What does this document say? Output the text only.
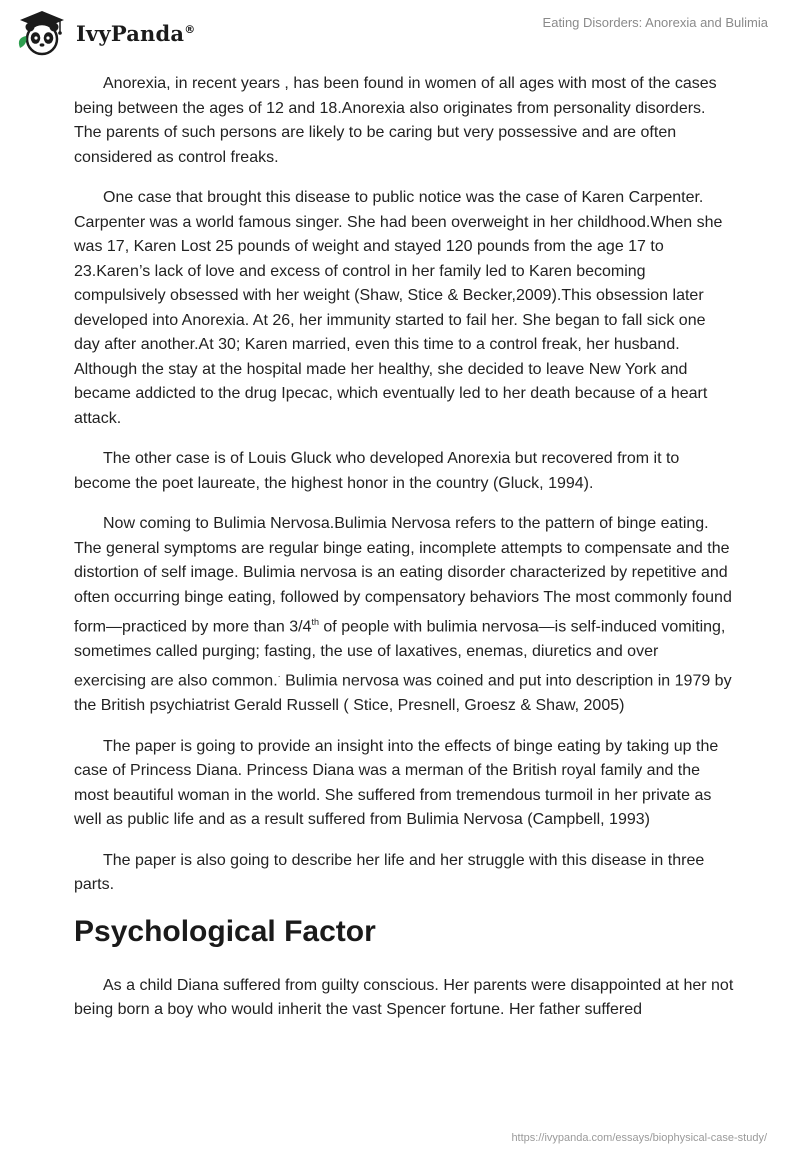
IvyPanda®	Eating Disorders: Anorexia and Bulimia

Anorexia, in recent years , has been found in women of all ages with most of the cases being between the ages of 12 and 18.Anorexia also originates from personality disorders. The parents of such persons are likely to be caring but very possessive and are often considered as control freaks.

One case that brought this disease to public notice was the case of Karen Carpenter. Carpenter was a world famous singer. She had been overweight in her childhood.When she was 17, Karen Lost 25 pounds of weight and stayed 120 pounds from the age 17 to 23.Karen’s lack of love and excess of control in her family led to Karen becoming compulsively obsessed with her weight (Shaw, Stice & Becker,2009).This obsession later developed into Anorexia. At 26, her immunity started to fail her. She began to fall sick one day after another.At 30; Karen married, even this time to a control freak, her husband. Although the stay at the hospital made her healthy, she decided to leave New York and became addicted to the drug Ipecac, which eventually led to her death because of a heart attack.

The other case is of Louis Gluck who developed Anorexia but recovered from it to become the poet laureate, the highest honor in the country (Gluck, 1994).

Now coming to Bulimia Nervosa.Bulimia Nervosa refers to the pattern of binge eating. The general symptoms are regular binge eating, incomplete attempts to compensate and the distortion of self image. Bulimia nervosa is an eating disorder characterized by repetitive and often occurring binge eating, followed by compensatory behaviors The most commonly found form—practiced by more than 3/4th of people with bulimia nervosa—is self-induced vomiting, sometimes called purging; fasting, the use of laxatives, enemas, diuretics and over exercising are also common.· Bulimia nervosa was coined and put into description in 1979 by the British psychiatrist Gerald Russell ( Stice, Presnell, Groesz & Shaw, 2005)

The paper is going to provide an insight into the effects of binge eating by taking up the case of Princess Diana. Princess Diana was a merman of the British royal family and the most beautiful woman in the world. She suffered from tremendous turmoil in her private as well as public life and as a result suffered from Bulimia Nervosa (Campbell, 1993)

The paper is also going to describe her life and her struggle with this disease in three parts.

Psychological Factor

As a child Diana suffered from guilty conscious. Her parents were disappointed at her not being born a boy who would inherit the vast Spencer fortune. Her father suffered

https://ivypanda.com/essays/biophysical-case-study/
